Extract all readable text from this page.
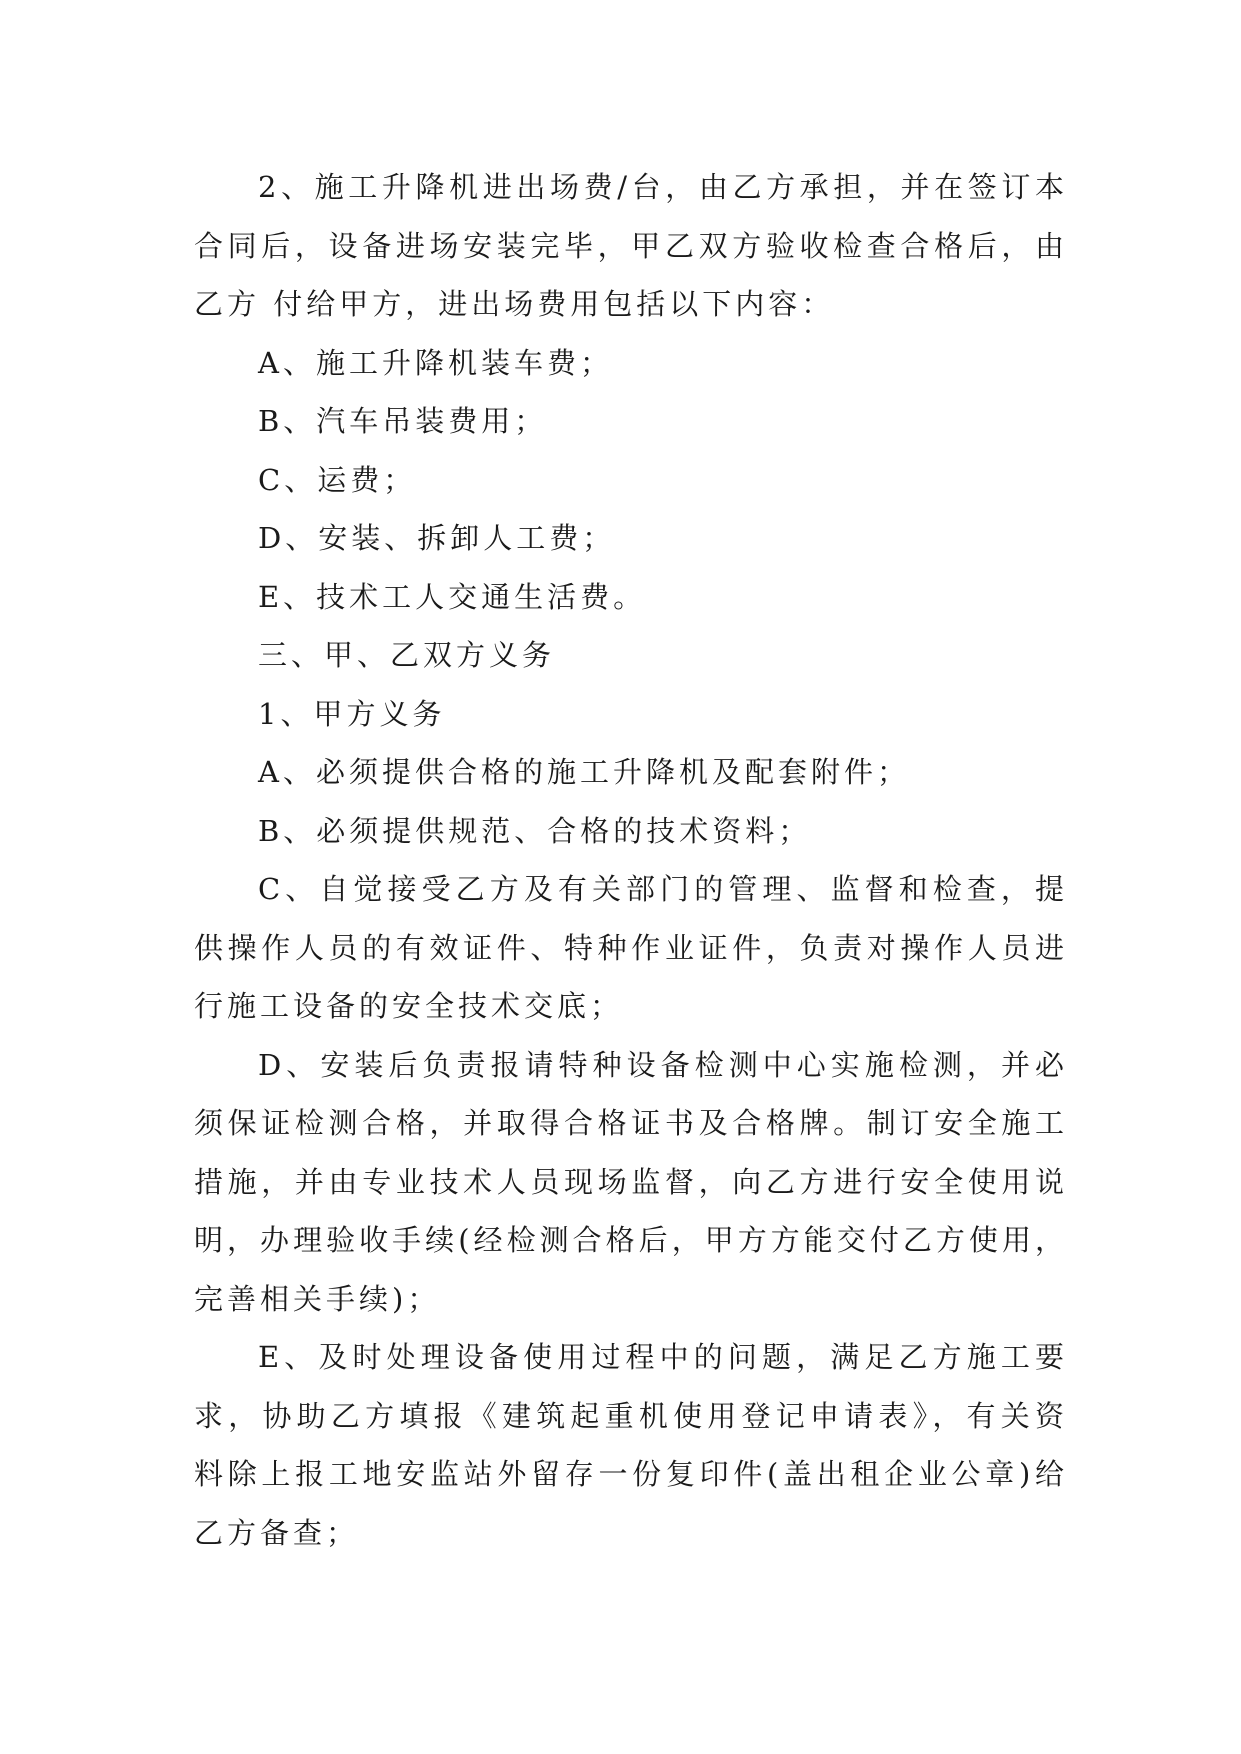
2、施工升降机进出场费/台，由乙方承担，并在签订本合同后，设备进场安装完毕，甲乙双方验收检查合格后，由乙方 付给甲方，进出场费用包括以下内容：

A、施工升降机装车费；

B、汽车吊装费用；

C、运费；

D、安装、拆卸人工费；

E、技术工人交通生活费。

三、甲、乙双方义务

1、甲方义务

A、必须提供合格的施工升降机及配套附件；

B、必须提供规范、合格的技术资料；

C、自觉接受乙方及有关部门的管理、监督和检查，提供操作人员的有效证件、特种作业证件，负责对操作人员进行施工设备的安全技术交底；

D、安装后负责报请特种设备检测中心实施检测，并必须保证检测合格，并取得合格证书及合格牌。制订安全施工措施，并由专业技术人员现场监督，向乙方进行安全使用说明，办理验收手续(经检测合格后，甲方方能交付乙方使用，完善相关手续)；

E、及时处理设备使用过程中的问题，满足乙方施工要求，协助乙方填报《建筑起重机使用登记申请表》，有关资料除上报工地安监站外留存一份复印件(盖出租企业公章)给乙方备查；
